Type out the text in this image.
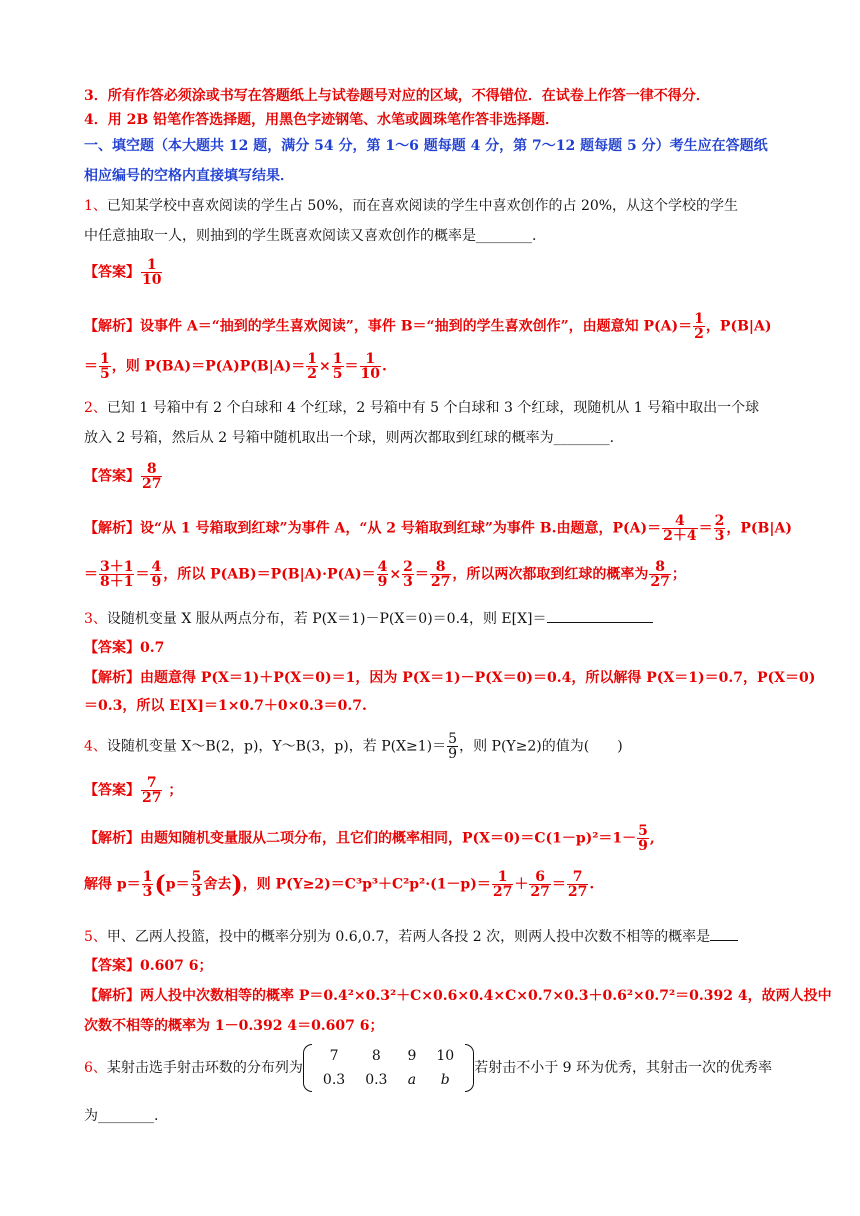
3．所有作答必须涂或书写在答题纸上与试卷题号对应的区域，不得错位．在试卷上作答一律不得分．
4．用 2B 铅笔作答选择题，用黑色字迹钢笔、水笔或圆珠笔作答非选择题．
一、填空题（本大题共 12 题，满分 54 分，第 1～6 题每题 4 分，第 7～12 题每题 5 分）考生应在答题纸
相应编号的空格内直接填写结果．
1、已知某学校中喜欢阅读的学生占 50%，而在喜欢阅读的学生中喜欢创作的占 20%，从这个学校的学生
中任意抽取一人，则抽到的学生既喜欢阅读又喜欢创作的概率是________.
【答案】 $\frac{1}{10}$
【解析】设事件 A＝“抽到的学生喜欢阅读”，事件 B＝“抽到的学生喜欢创作”，由题意知 $P(A)= \frac{1}{2}$ ，P(B|A)
＝ $\frac{1}{5}$ ，则 $P(BA)=P(A)P(B|A)= \frac{1}{2} \times \frac{1}{5} = \frac{1}{10}$ .
2、已知 1 号箱中有 2 个白球和 4 个红球，2 号箱中有 5 个白球和 3 个红球，现随机从 1 号箱中取出一个球
放入 2 号箱，然后从 2 号箱中随机取出一个球，则两次都取到红球的概率为________.
【答案】 $\frac{8}{27}$
【解析】设“从 1 号箱取到红球”为事件 A，“从 2 号箱取到红球”为事件 B.由题意，$P(A)= \frac{4}{2+4} = \frac{2}{3}$ ，P(B|A)
＝ $\frac{3+1}{8+1} = \frac{4}{9}$ ，所以 $P(AB)=P(B|A)\cdot P(A)= \frac{4}{9} \times \frac{2}{3} = \frac{8}{27}$ ，所以两次都取到红球的概率为 $\frac{8}{27}$ ；
3、设随机变量 X 服从两点分布，若 P(X＝1)－P(X＝0)＝0.4，则 E[X]＝
【答案】0.7
【解析】由题意得 P(X＝1)＋P(X＝0)＝1，因为 P(X＝1)－P(X＝0)＝0.4，所以解得 P(X＝1)＝0.7，P(X＝0)
＝0.3，所以 E[X]＝1×0.7＋0×0.3＝0.7.
4、设随机变量 X～B(2，p)，Y～B(3，p)，若 $P(X\ge 1)= \frac{5}{9}$ ，则 P(Y≥2)的值为(　　)
【答案】 $\frac{7}{27}$ ；
【解析】由题知随机变量服从二项分布，且它们的概率相同，$P(X=0)=C(1-p)^2=1- \frac{5}{9}$ ,
解得 $p= \frac{1}{3} (p= \frac{5}{3}$ 舍去)，则 $P(Y\ge 2)=C^3p^3+C^2p^2\cdot(1-p)= \frac{1}{27} + \frac{6}{27} = \frac{7}{27}$ .
5、甲、乙两人投篮，投中的概率分别为 0.6,0.7，若两人各投 2 次，则两人投中次数不相等的概率是
【答案】0.607 6；
【解析】两人投中次数相等的概率 P＝0.4²×0.3²＋C×0.6×0.4×C×0.7×0.3＋0.6²×0.7²＝0.392 4，故两人投中
次数不相等的概率为 1－0.392 4＝0.607 6；
6、某射击选手射击环数的分布列为
7	8	9	10
0.3	0.3	a	b
若射击不小于 9 环为优秀，其射击一次的优秀率
为________.
